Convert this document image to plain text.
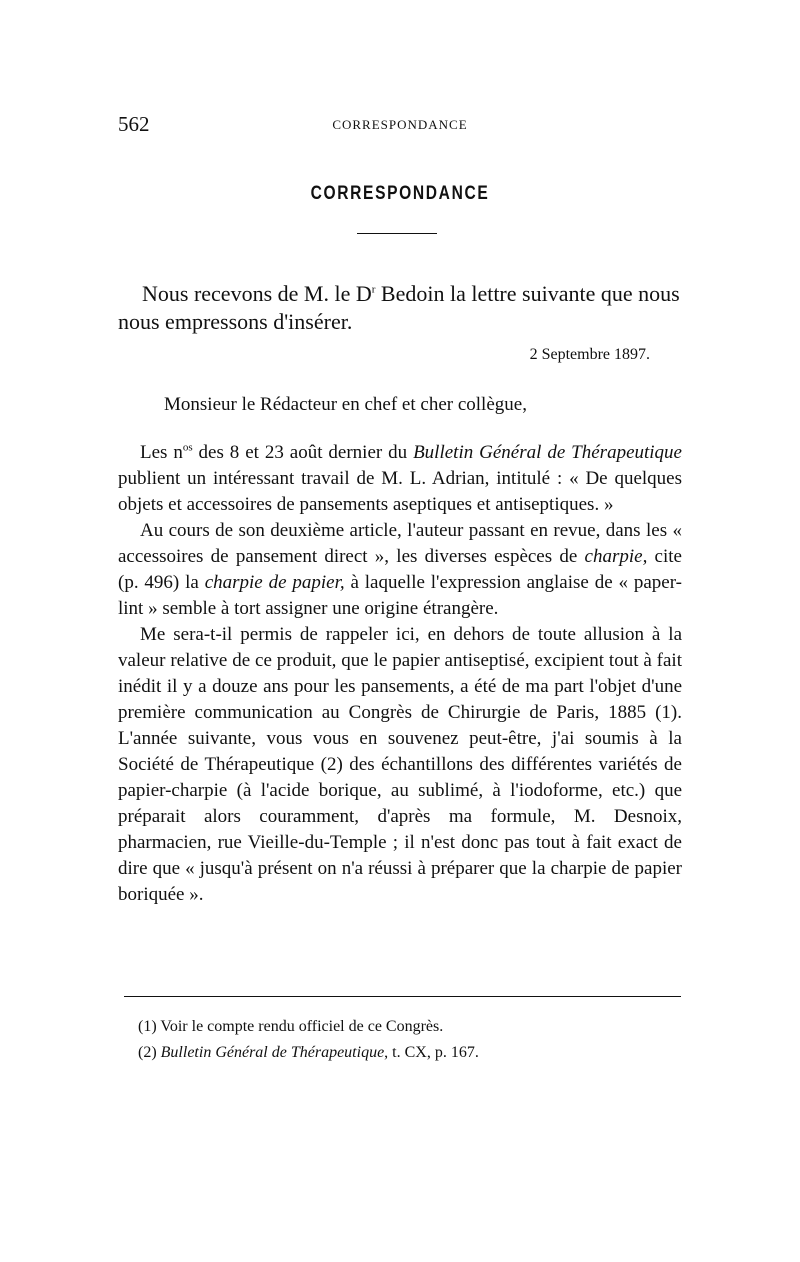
562	CORRESPONDANCE
CORRESPONDANCE

Nous recevons de M. le $D^r$ Bedoin la lettre suivante que nous nous empressons d'insérer.

2 Septembre 1897.
Monsieur le Rédacteur en chef et cher collègue,

Les $n^{os}$ des 8 et 23 août dernier du Bulletin Général de Thérapeutique publient un intéressant travail de M. L. Adrian, intitulé : « De quelques objets et accessoires de pansements aseptiques et antiseptiques. »

Au cours de son deuxième article, l'auteur passant en revue, dans les « accessoires de pansement direct », les diverses espèces de charpie, cite (p. 496) la charpie de papier, à laquelle l'expression anglaise de « paper-lint » semble à tort assigner une origine étrangère.

Me sera-t-il permis de rappeler ici, en dehors de toute allusion à la valeur relative de ce produit, que le papier antiseptisé, excipient tout à fait inédit il y a douze ans pour les pansements, a été de ma part l'objet d'une première communication au Congrès de Chirurgie de Paris, 1885 (1). L'année suivante, vous vous en souvenez peut-être, j'ai soumis à la Société de Thérapeutique (2) des échantillons des différentes variétés de papier-charpie (à l'acide borique, au sublimé, à l'iodoforme, etc.) que préparait alors couramment, d'après ma formule, M. Desnoix, pharmacien, rue Vieille-du-Temple ; il n'est donc pas tout à fait exact de dire que « jusqu'à présent on n'a réussi à préparer que la charpie de papier boriquée ».

(1) Voir le compte rendu officiel de ce Congrès.

(2) Bulletin Général de Thérapeutique, t. CX, p. 167.
